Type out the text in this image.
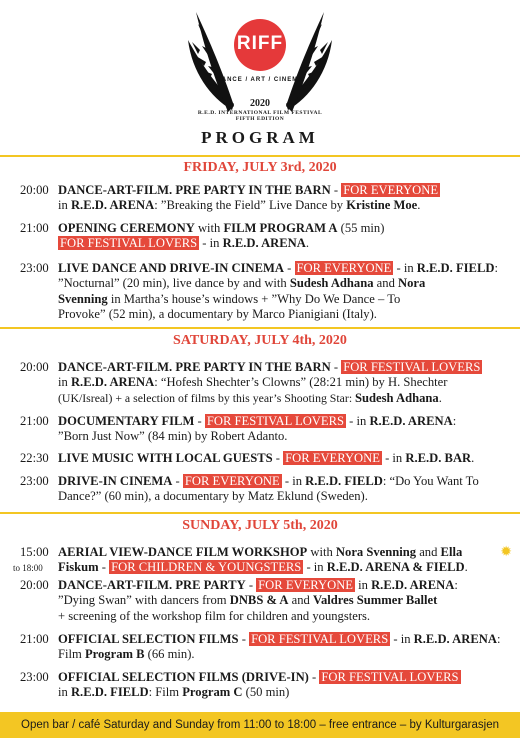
RIFF
DANCE / ART / CINEMA
2020
R.E.D. INTERNATIONAL FILM FESTIVAL
FIFTH EDITION
PROGRAM
FRIDAY, JULY 3rd, 2020
20:00 DANCE-ART-FILM. PRE PARTY IN THE BARN - FOR EVERYONE
in R.E.D. ARENA: ”Breaking the Field” Live Dance by Kristine Moe.
21:00 OPENING CEREMONY with FILM PROGRAM A (55 min)
FOR FESTIVAL LOVERS - in R.E.D. ARENA.
23:00 LIVE DANCE AND DRIVE-IN CINEMA - FOR EVERYONE - in R.E.D. FIELD:
”Nocturnal” (20 min), live dance by and with Sudesh Adhana and Nora
Svenning in Martha’s house’s windows + ”Why Do We Dance – To
Provoke” (52 min), a documentary by Marco Pianigiani (Italy).
SATURDAY, JULY 4th, 2020
20:00 DANCE-ART-FILM. PRE PARTY IN THE BARN - FOR FESTIVAL LOVERS
in R.E.D. ARENA: “Hofesh Shechter’s Clowns” (28:21 min) by H. Shechter
(UK/Isreal) + a selection of films by this year’s Shooting Star: Sudesh Adhana.
21:00 DOCUMENTARY FILM - FOR FESTIVAL LOVERS - in R.E.D. ARENA:
”Born Just Now” (84 min) by Robert Adanto.
22:30 LIVE MUSIC WITH LOCAL GUESTS - FOR EVERYONE - in R.E.D. BAR.
23:00 DRIVE-IN CINEMA - FOR EVERYONE - in R.E.D. FIELD: “Do You Want To
Dance?” (60 min), a documentary by Matz Eklund (Sweden).
SUNDAY, JULY 5th, 2020
15:00
to 18:00
AERIAL VIEW-DANCE FILM WORKSHOP with Nora Svenning and Ella
Fiskum - FOR CHILDREN & YOUNGSTERS - in R.E.D. ARENA & FIELD.
✹
20:00 DANCE-ART-FILM. PRE PARTY - FOR EVERYONE in R.E.D. ARENA:
”Dying Swan” with dancers from DNBS & A and Valdres Summer Ballet
+ screening of the workshop film for children and youngsters.
21:00 OFFICIAL SELECTION FILMS - FOR FESTIVAL LOVERS - in R.E.D. ARENA:
Film Program B (66 min).
23:00 OFFICIAL SELECTION FILMS (DRIVE-IN) - FOR FESTIVAL LOVERS
in R.E.D. FIELD: Film Program C (50 min)
Open bar / café Saturday and Sunday from 11:00 to 18:00 – free entrance – by Kulturgarasjen
